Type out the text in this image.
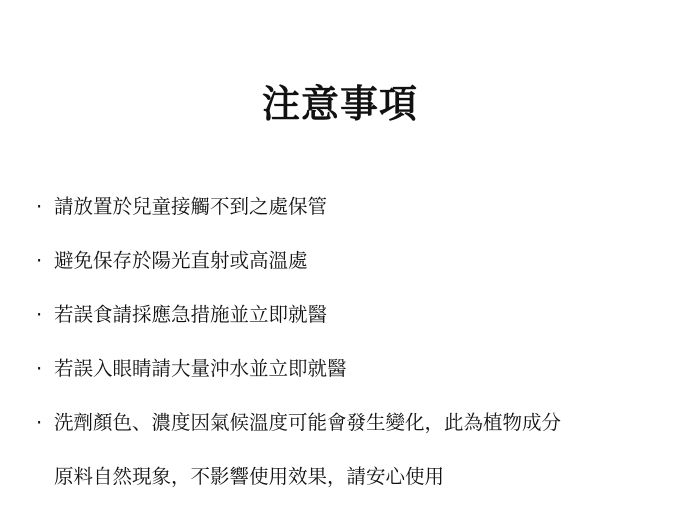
注意事項
· 請放置於兒童接觸不到之處保管
· 避免保存於陽光直射或高溫處
· 若誤食請採應急措施並立即就醫
· 若誤入眼睛請大量沖水並立即就醫
· 洗劑顏色、濃度因氣候溫度可能會發生變化，此為植物成分
原料自然現象，不影響使用效果，請安心使用
